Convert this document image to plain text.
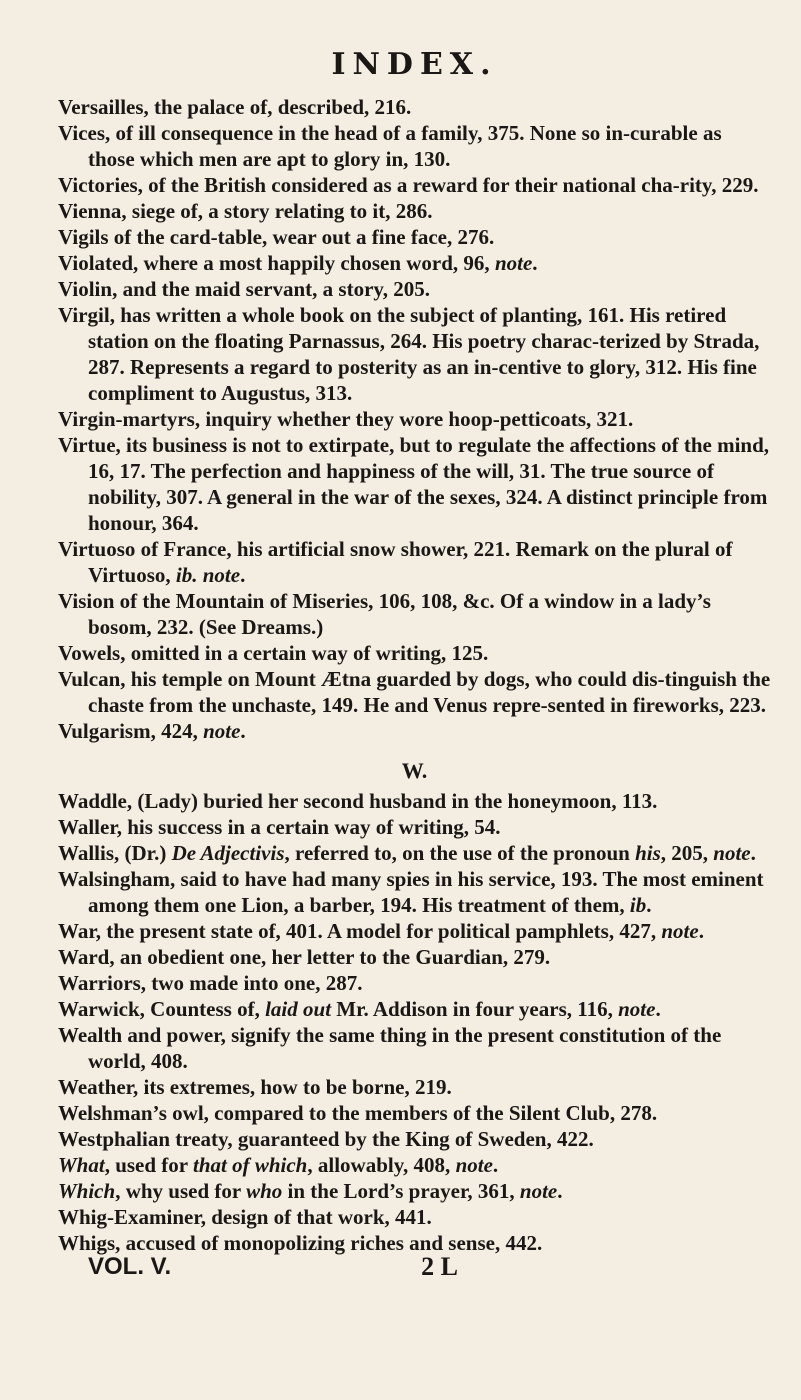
INDEX.

Versailles, the palace of, described, 216.

Vices, of ill consequence in the head of a family, 375. None so in-curable as those which men are apt to glory in, 130.

Victories, of the British considered as a reward for their national cha-rity, 229.

Vienna, siege of, a story relating to it, 286.

Vigils of the card-table, wear out a fine face, 276.

Violated, where a most happily chosen word, 96, note.

Violin, and the maid servant, a story, 205.

Virgil, has written a whole book on the subject of planting, 161. His retired station on the floating Parnassus, 264. His poetry charac-terized by Strada, 287. Represents a regard to posterity as an in-centive to glory, 312. His fine compliment to Augustus, 313.

Virgin-martyrs, inquiry whether they wore hoop-petticoats, 321.

Virtue, its business is not to extirpate, but to regulate the affections of the mind, 16, 17. The perfection and happiness of the will, 31. The true source of nobility, 307. A general in the war of the sexes, 324. A distinct principle from honour, 364.

Virtuoso of France, his artificial snow shower, 221. Remark on the plural of Virtuoso, ib. note.

Vision of the Mountain of Miseries, 106, 108, &c. Of a window in a lady’s bosom, 232. (See Dreams.)

Vowels, omitted in a certain way of writing, 125.

Vulcan, his temple on Mount Ætna guarded by dogs, who could dis-tinguish the chaste from the unchaste, 149. He and Venus repre-sented in fireworks, 223.

Vulgarism, 424, note.

W.

Waddle, (Lady) buried her second husband in the honeymoon, 113.

Waller, his success in a certain way of writing, 54.

Wallis, (Dr.) De Adjectivis, referred to, on the use of the pronoun his, 205, note.

Walsingham, said to have had many spies in his service, 193. The most eminent among them one Lion, a barber, 194. His treatment of them, ib.

War, the present state of, 401. A model for political pamphlets, 427, note.

Ward, an obedient one, her letter to the Guardian, 279.

Warriors, two made into one, 287.

Warwick, Countess of, laid out Mr. Addison in four years, 116, note.

Wealth and power, signify the same thing in the present constitution of the world, 408.

Weather, its extremes, how to be borne, 219.

Welshman’s owl, compared to the members of the Silent Club, 278.

Westphalian treaty, guaranteed by the King of Sweden, 422.

What, used for that of which, allowably, 408, note.

Which, why used for who in the Lord’s prayer, 361, note.

Whig-Examiner, design of that work, 441.

Whigs, accused of monopolizing riches and sense, 442.

VOL. V.	2 L
